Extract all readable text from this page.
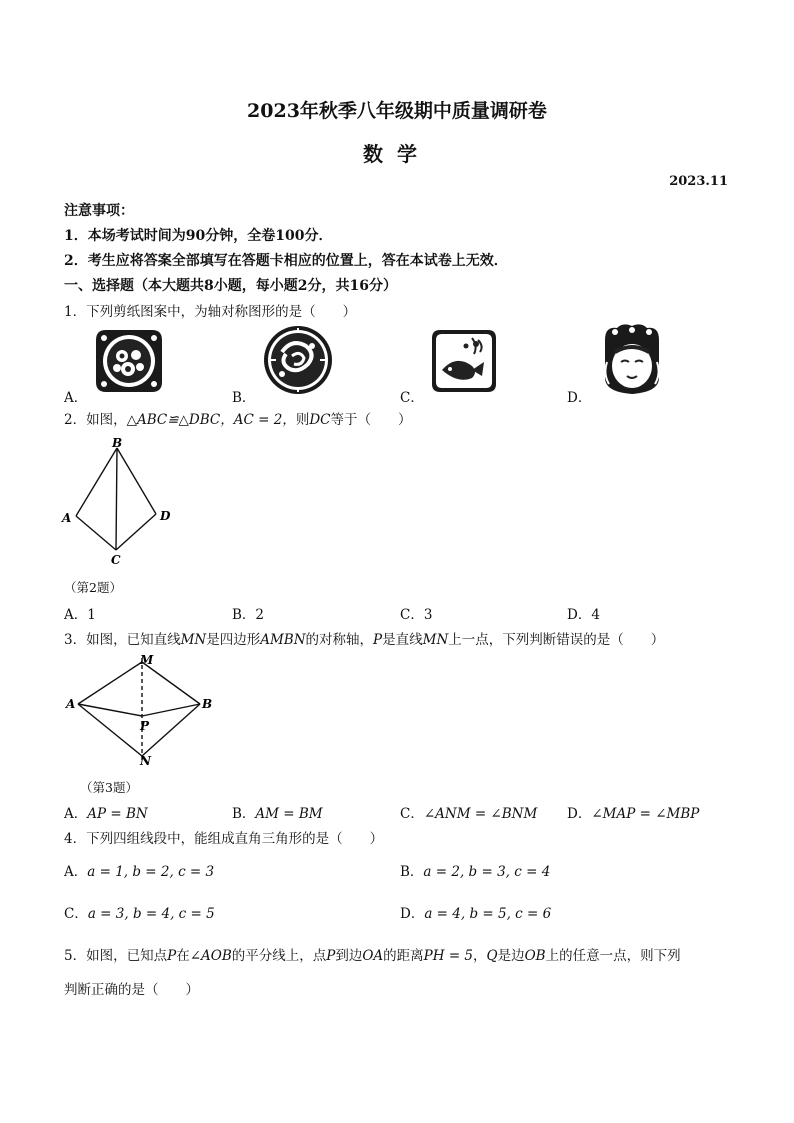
2023年秋季八年级期中质量调研卷
数学
2023.11
注意事项：
1．本场考试时间为90分钟，全卷100分．
2．考生应将答案全部填写在答题卡相应的位置上，答在本试卷上无效．
一、选择题（本大题共8小题，每小题2分，共16分）
1．下列剪纸图案中，为轴对称图形的是（　　）
A．	B．	C．	D．
2．如图，△ABC≌△DBC，AC = 2，则DC等于（　　）
B
A	D
C
（第2题）
A．1	B．2	C．3	D．4
3．如图，已知直线MN是四边形AMBN的对称轴，P是直线MN上一点，下列判断错误的是（　　）
M
A	B
P
N
（第3题）
A．AP = BN	B．AM = BM	C．∠ANM = ∠BNM D．∠MAP = ∠MBP
4．下列四组线段中，能组成直角三角形的是（　　）
A．a = 1, b = 2, c = 3	B．a = 2, b = 3, c = 4
C．a = 3, b = 4, c = 5	D．a = 4, b = 5, c = 6
5．如图，已知点P在∠AOB的平分线上，点P到边OA的距离PH = 5，Q是边OB上的任意一点，则下列
判断正确的是（　　）
